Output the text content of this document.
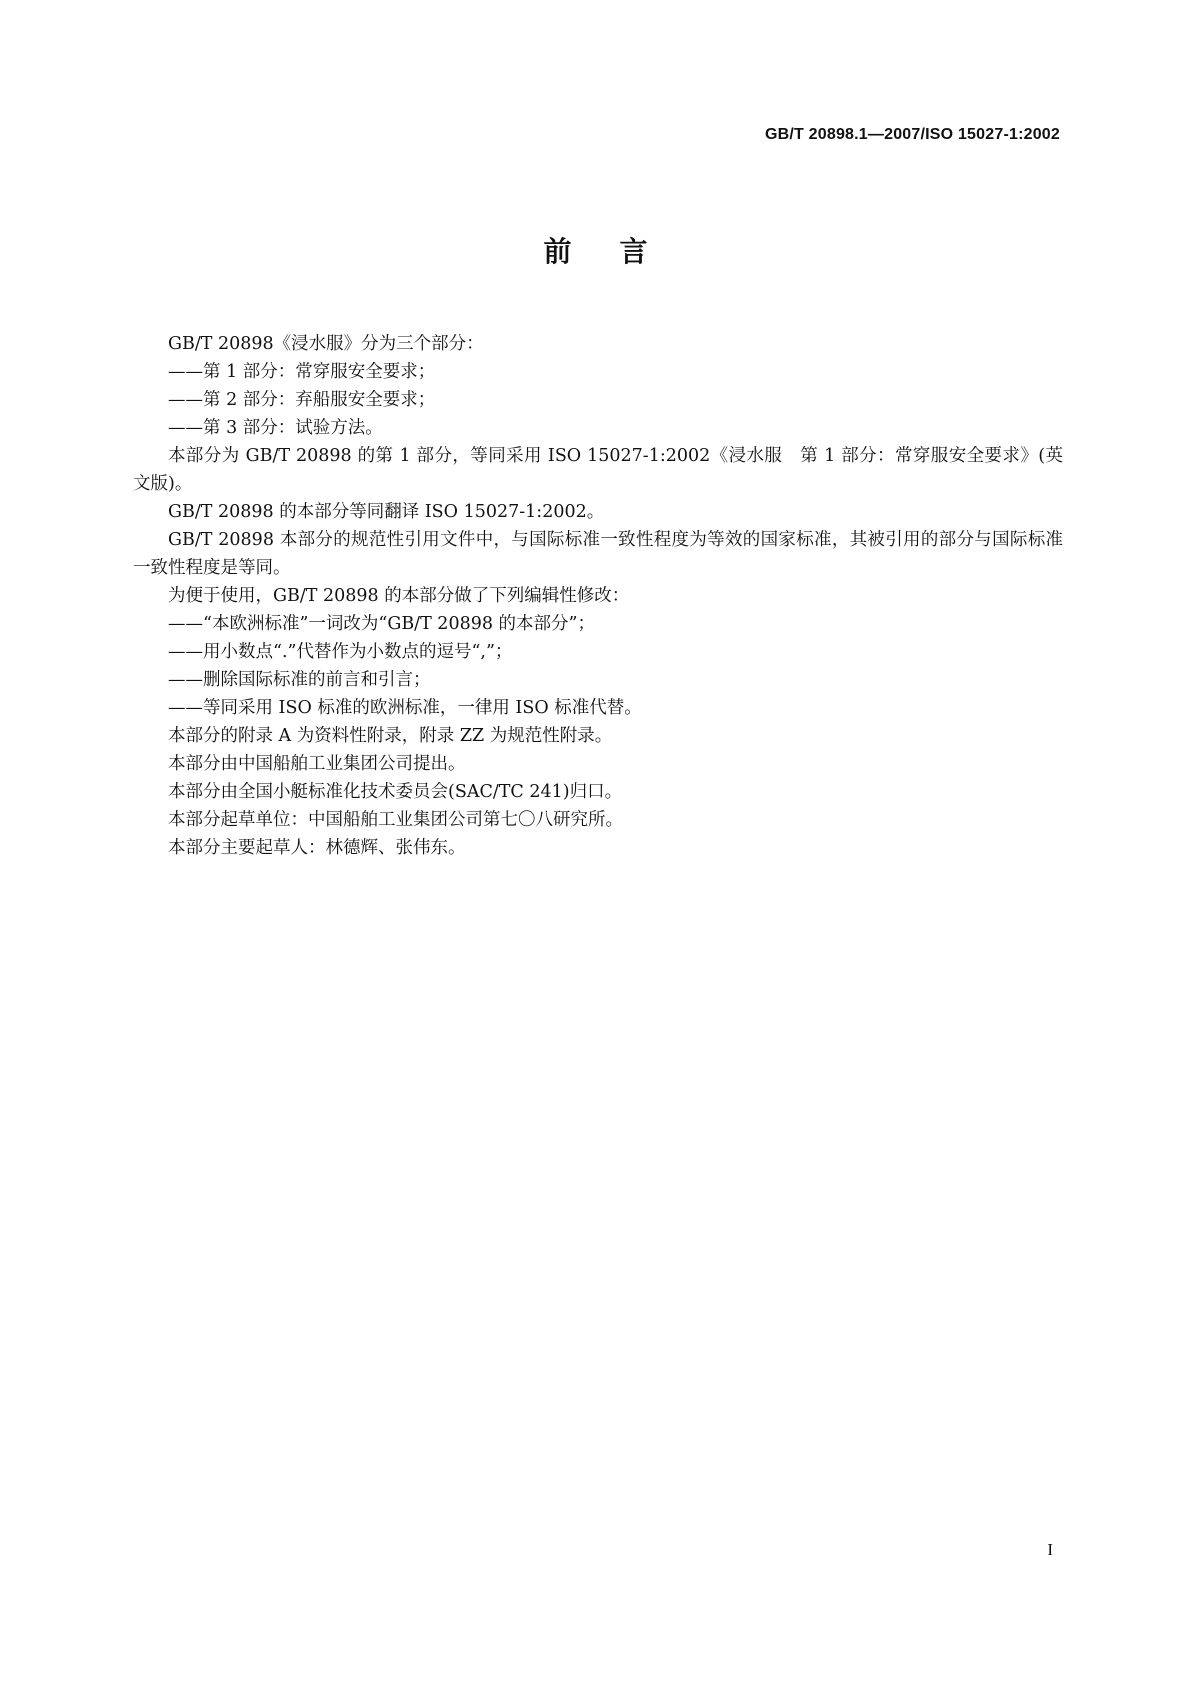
GB/T 20898.1—2007/ISO 15027-1:2002
前言

GB/T 20898《浸水服》分为三个部分：

——第 1 部分：常穿服安全要求；

——第 2 部分：弃船服安全要求；

——第 3 部分：试验方法。

本部分为 GB/T 20898 的第 1 部分，等同采用 ISO 15027-1:2002《浸水服　第 1 部分：常穿服安全要求》(英文版)。

GB/T 20898 的本部分等同翻译 ISO 15027-1:2002。

GB/T 20898 本部分的规范性引用文件中，与国际标准一致性程度为等效的国家标准，其被引用的部分与国际标准一致性程度是等同。

为便于使用，GB/T 20898 的本部分做了下列编辑性修改：

——“本欧洲标准”一词改为“GB/T 20898 的本部分”；

——用小数点“.”代替作为小数点的逗号“,”；

——删除国际标准的前言和引言；

——等同采用 ISO 标准的欧洲标准，一律用 ISO 标准代替。

本部分的附录 A 为资料性附录，附录 ZZ 为规范性附录。

本部分由中国船舶工业集团公司提出。

本部分由全国小艇标准化技术委员会(SAC/TC 241)归口。

本部分起草单位：中国船舶工业集团公司第七〇八研究所。

本部分主要起草人：林德辉、张伟东。

I
